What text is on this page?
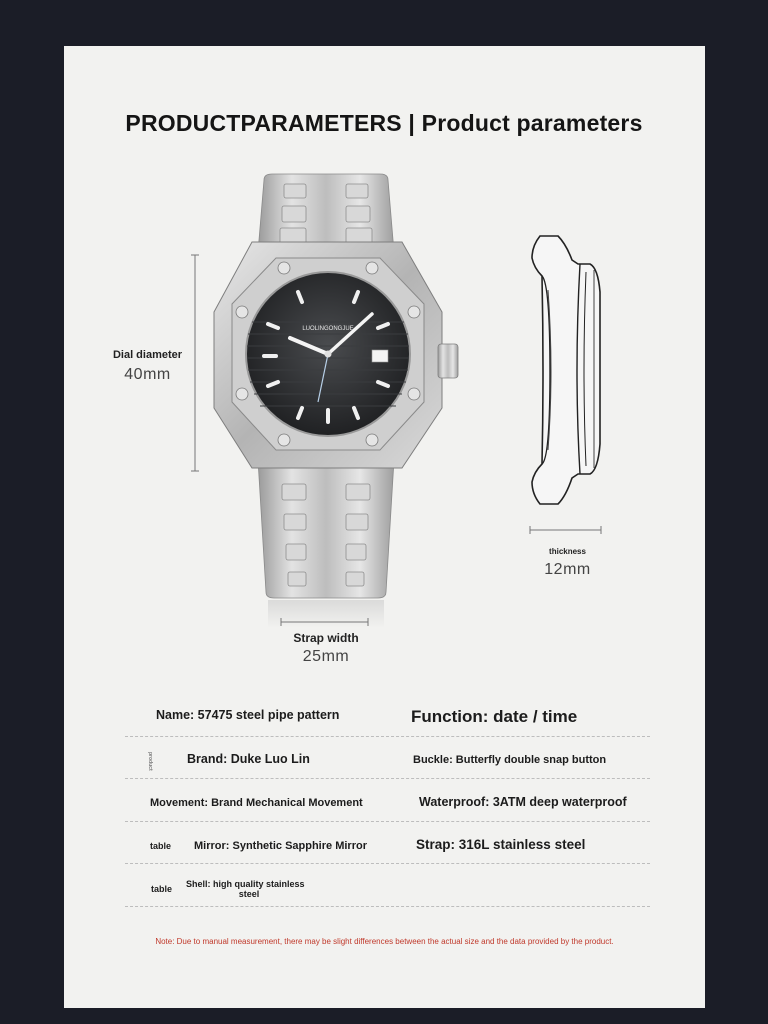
PRODUCTPARAMETERS | Product parameters
Dial diameter
40mm
LUOLINGONGJUE
thickness
12mm
Strap width
25mm
Name: 57475 steel pipe pattern	Function: date / time
product	Brand: Duke Luo Lin	Buckle: Butterfly double snap button
Movement: Brand Mechanical Movement	Waterproof: 3ATM deep waterproof
table Mirror: Synthetic Sapphire Mirror	Strap: 316L stainless steel
table Shell: high quality stainless
steel
Note: Due to manual measurement, there may be slight differences between the actual size and the data provided by the product.
